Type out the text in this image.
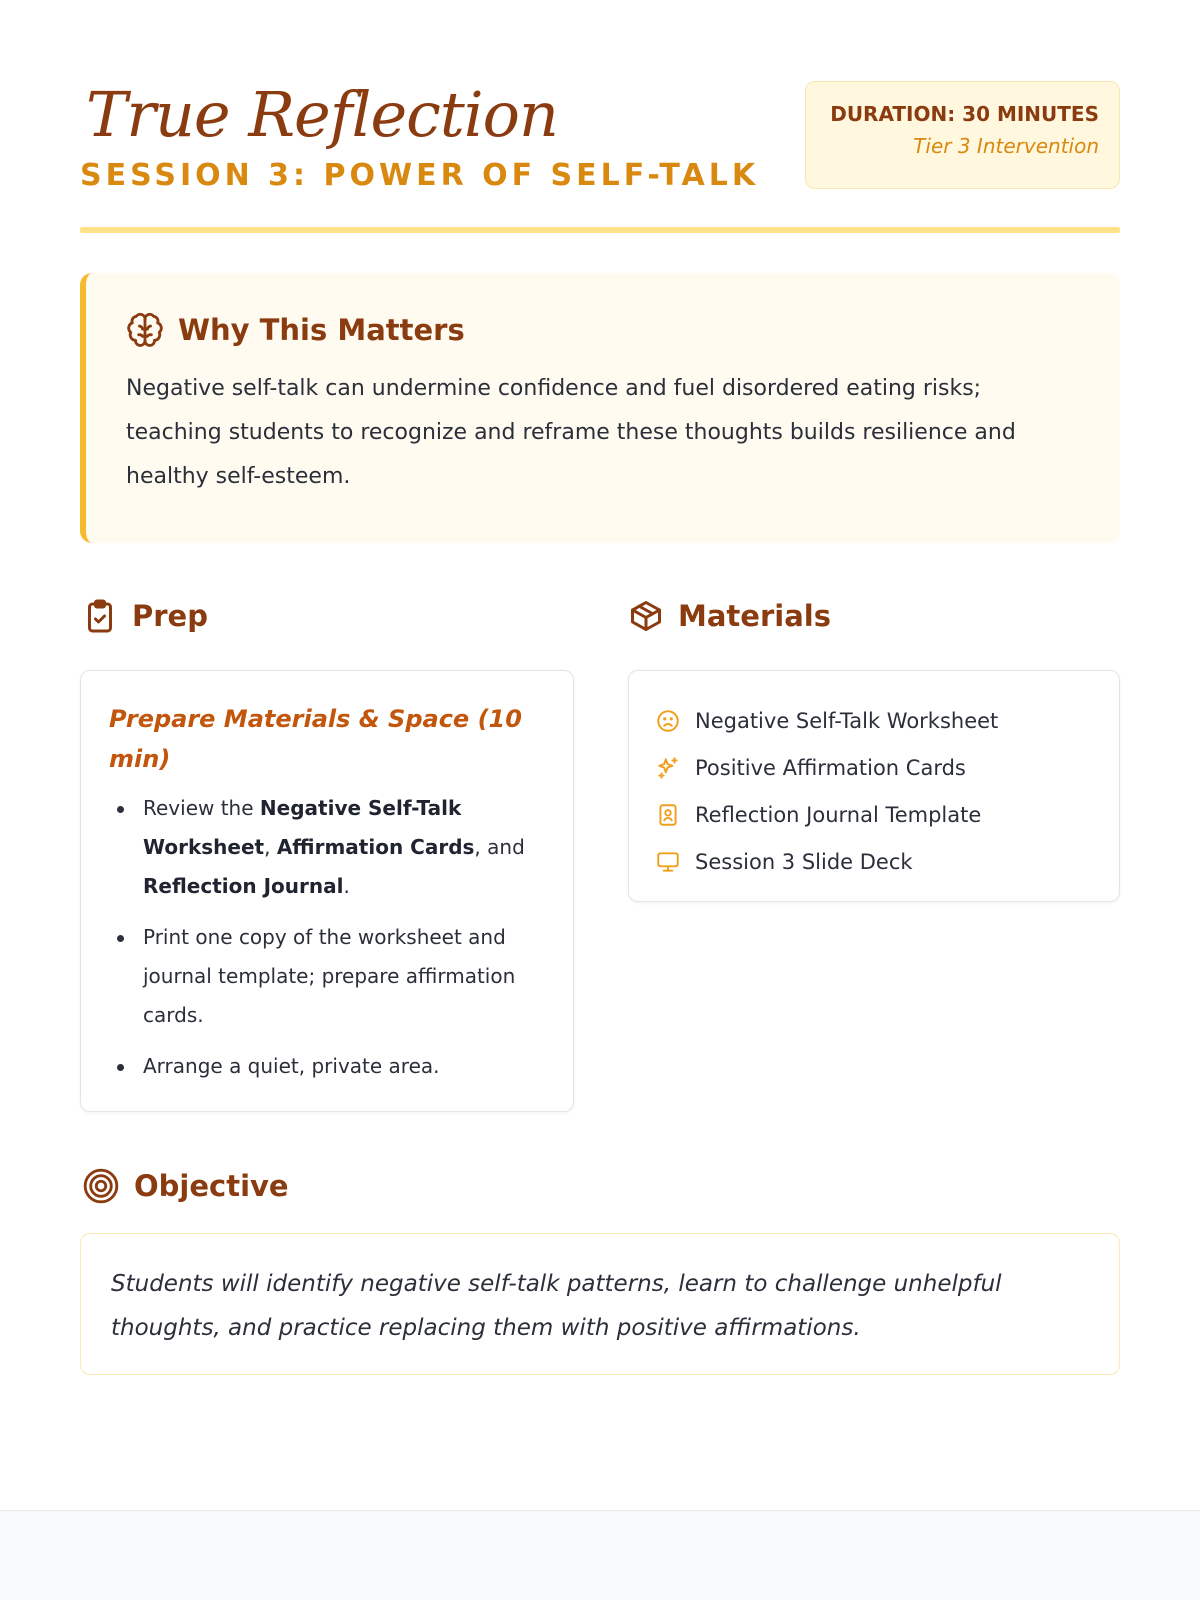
True Reflection
SESSION 3: POWER OF SELF-TALK
DURATION: 30 MINUTES
Tier 3 Intervention
Why This Matters

Negative self-talk can undermine confidence and fuel disordered eating risks; teaching students to recognize and reframe these thoughts builds resilience and healthy self-esteem.

Prep	Materials
Prepare Materials & Space (10 min)
Review the Negative Self-Talk Worksheet, Affirmation Cards, and Reflection Journal.
Print one copy of the worksheet and journal template; prepare affirmation cards.
Arrange a quiet, private area.
Negative Self-Talk Worksheet
Positive Affirmation Cards
Reflection Journal Template
Session 3 Slide Deck
Objective

Students will identify negative self-talk patterns, learn to challenge unhelpful thoughts, and practice replacing them with positive affirmations.
